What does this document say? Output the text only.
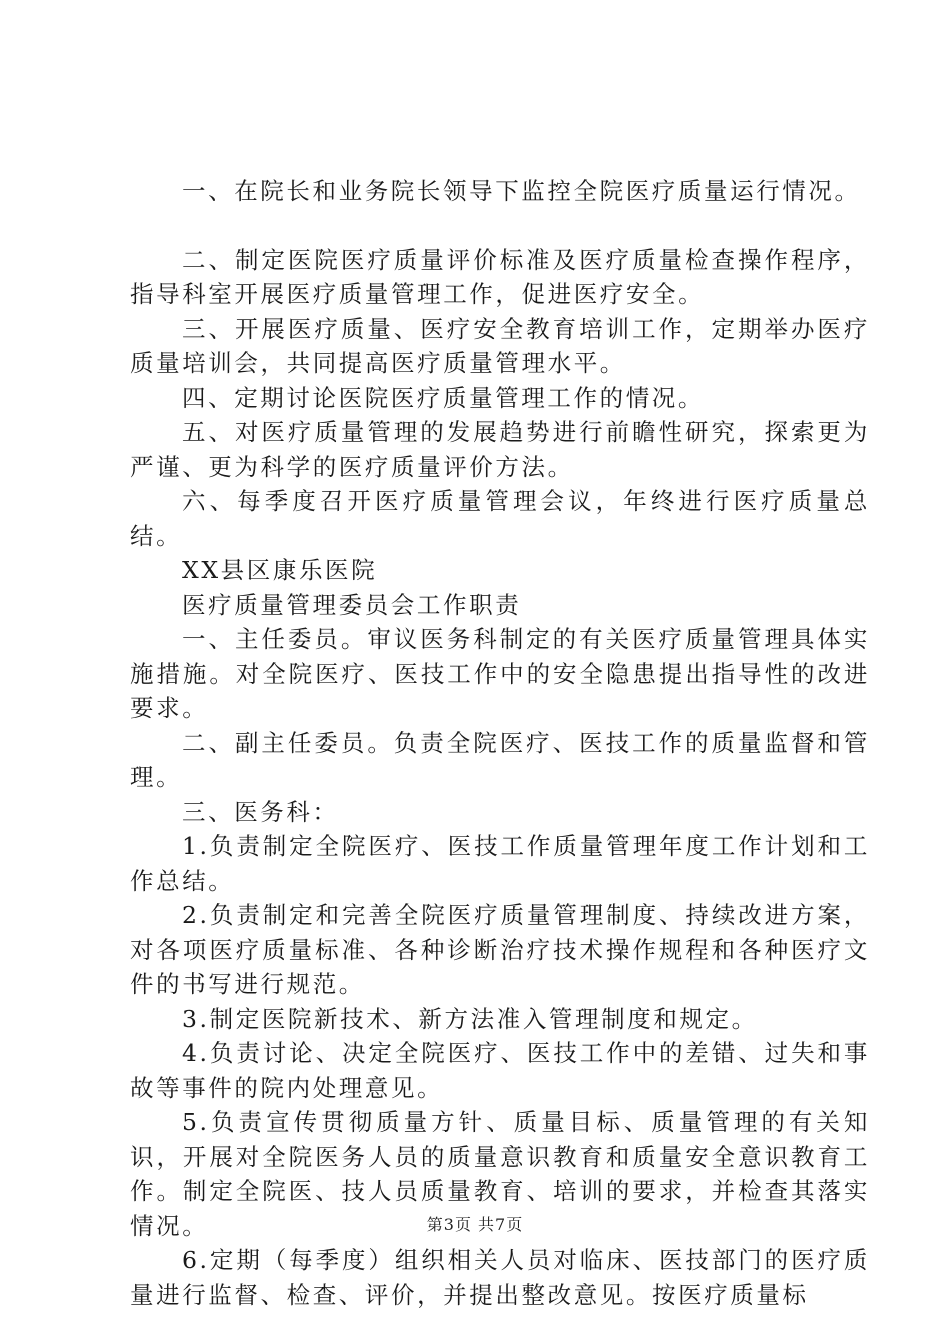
一、在院长和业务院长领导下监控全院医疗质量运行情况。

二、制定医院医疗质量评价标准及医疗质量检查操作程序，指导科室开展医疗质量管理工作，促进医疗安全。

三、开展医疗质量、医疗安全教育培训工作，定期举办医疗质量培训会，共同提高医疗质量管理水平。

四、定期讨论医院医疗质量管理工作的情况。

五、对医疗质量管理的发展趋势进行前瞻性研究，探索更为严谨、更为科学的医疗质量评价方法。

六、每季度召开医疗质量管理会议，年终进行医疗质量总结。

XX县区康乐医院

医疗质量管理委员会工作职责

一、主任委员。审议医务科制定的有关医疗质量管理具体实施措施。对全院医疗、医技工作中的安全隐患提出指导性的改进要求。

二、副主任委员。负责全院医疗、医技工作的质量监督和管理。

三、医务科：

1.负责制定全院医疗、医技工作质量管理年度工作计划和工作总结。

2.负责制定和完善全院医疗质量管理制度、持续改进方案，对各项医疗质量标准、各种诊断治疗技术操作规程和各种医疗文件的书写进行规范。

3.制定医院新技术、新方法准入管理制度和规定。

4.负责讨论、决定全院医疗、医技工作中的差错、过失和事故等事件的院内处理意见。

5.负责宣传贯彻质量方针、质量目标、质量管理的有关知识，开展对全院医务人员的质量意识教育和质量安全意识教育工作。制定全院医、技人员质量教育、培训的要求，并检查其落实情况。

6.定期（每季度）组织相关人员对临床、医技部门的医疗质量进行监督、检查、评价，并提出整改意见。按医疗质量标

第3页 共7页
